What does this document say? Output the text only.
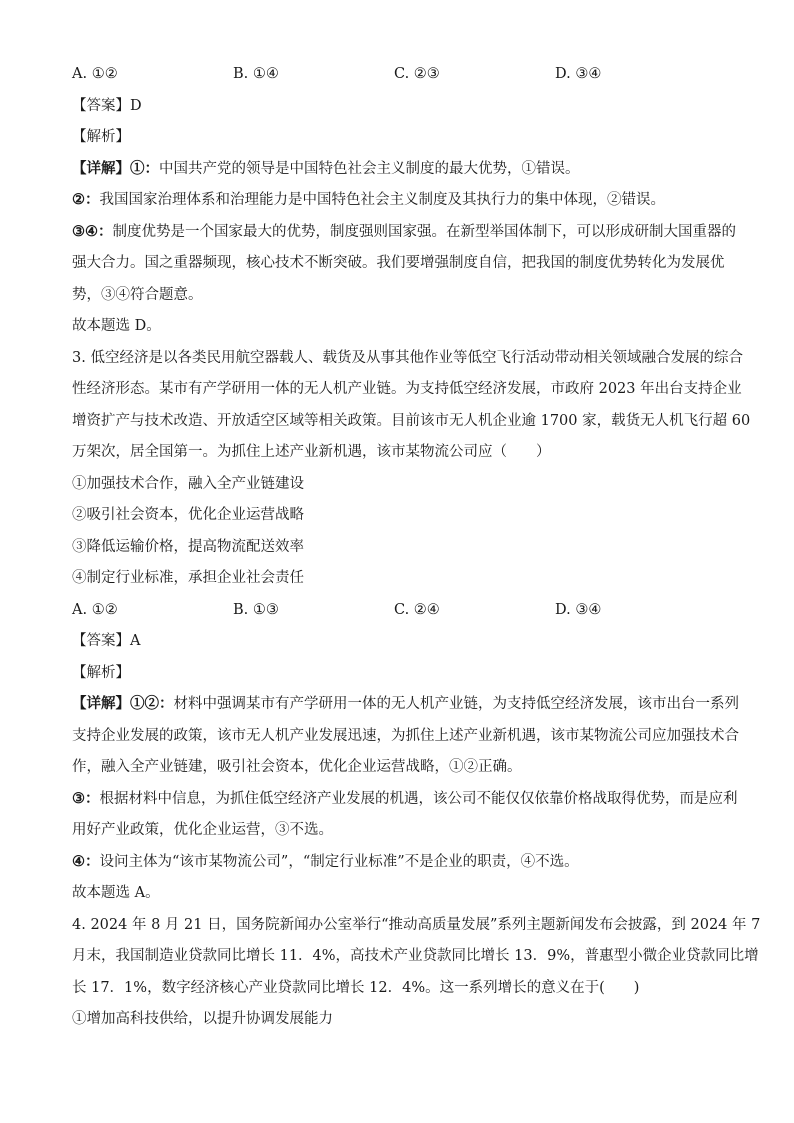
A. ①②	B. ①④	C. ②③	D. ③④
【答案】D
【解析】
【详解】①：中国共产党的领导是中国特色社会主义制度的最大优势，①错误。
②：我国国家治理体系和治理能力是中国特色社会主义制度及其执行力的集中体现，②错误。
③④：制度优势是一个国家最大的优势，制度强则国家强。在新型举国体制下，可以形成研制大国重器的
强大合力。国之重器频现，核心技术不断突破。我们要增强制度自信，把我国的制度优势转化为发展优
势，③④符合题意。
故本题选 D。
3. 低空经济是以各类民用航空器载人、载货及从事其他作业等低空飞行活动带动相关领域融合发展的综合
性经济形态。某市有产学研用一体的无人机产业链。为支持低空经济发展，市政府 2023 年出台支持企业
增资扩产与技术改造、开放适空区域等相关政策。目前该市无人机企业逾 1700 家，载货无人机飞行超 60
万架次，居全国第一。为抓住上述产业新机遇，该市某物流公司应（　　）
①加强技术合作，融入全产业链建设
②吸引社会资本，优化企业运营战略
③降低运输价格，提高物流配送效率
④制定行业标准，承担企业社会责任
A. ①②	B. ①③	C. ②④	D. ③④
【答案】A
【解析】
【详解】①②：材料中强调某市有产学研用一体的无人机产业链，为支持低空经济发展，该市出台一系列
支持企业发展的政策，该市无人机产业发展迅速，为抓住上述产业新机遇，该市某物流公司应加强技术合
作，融入全产业链建，吸引社会资本，优化企业运营战略，①②正确。
③：根据材料中信息，为抓住低空经济产业发展的机遇，该公司不能仅仅依靠价格战取得优势，而是应利
用好产业政策，优化企业运营，③不选。
④：设问主体为“该市某物流公司”，“制定行业标准”不是企业的职责，④不选。
故本题选 A。
4. 2024 年 8 月 21 日，国务院新闻办公室举行“推动高质量发展”系列主题新闻发布会披露，到 2024 年 7
月末，我国制造业贷款同比增长 11．4%，高技术产业贷款同比增长 13．9%，普惠型小微企业贷款同比增
长 17．1%，数字经济核心产业贷款同比增长 12．4%。这一系列增长的意义在于(　　)
①增加高科技供给，以提升协调发展能力
